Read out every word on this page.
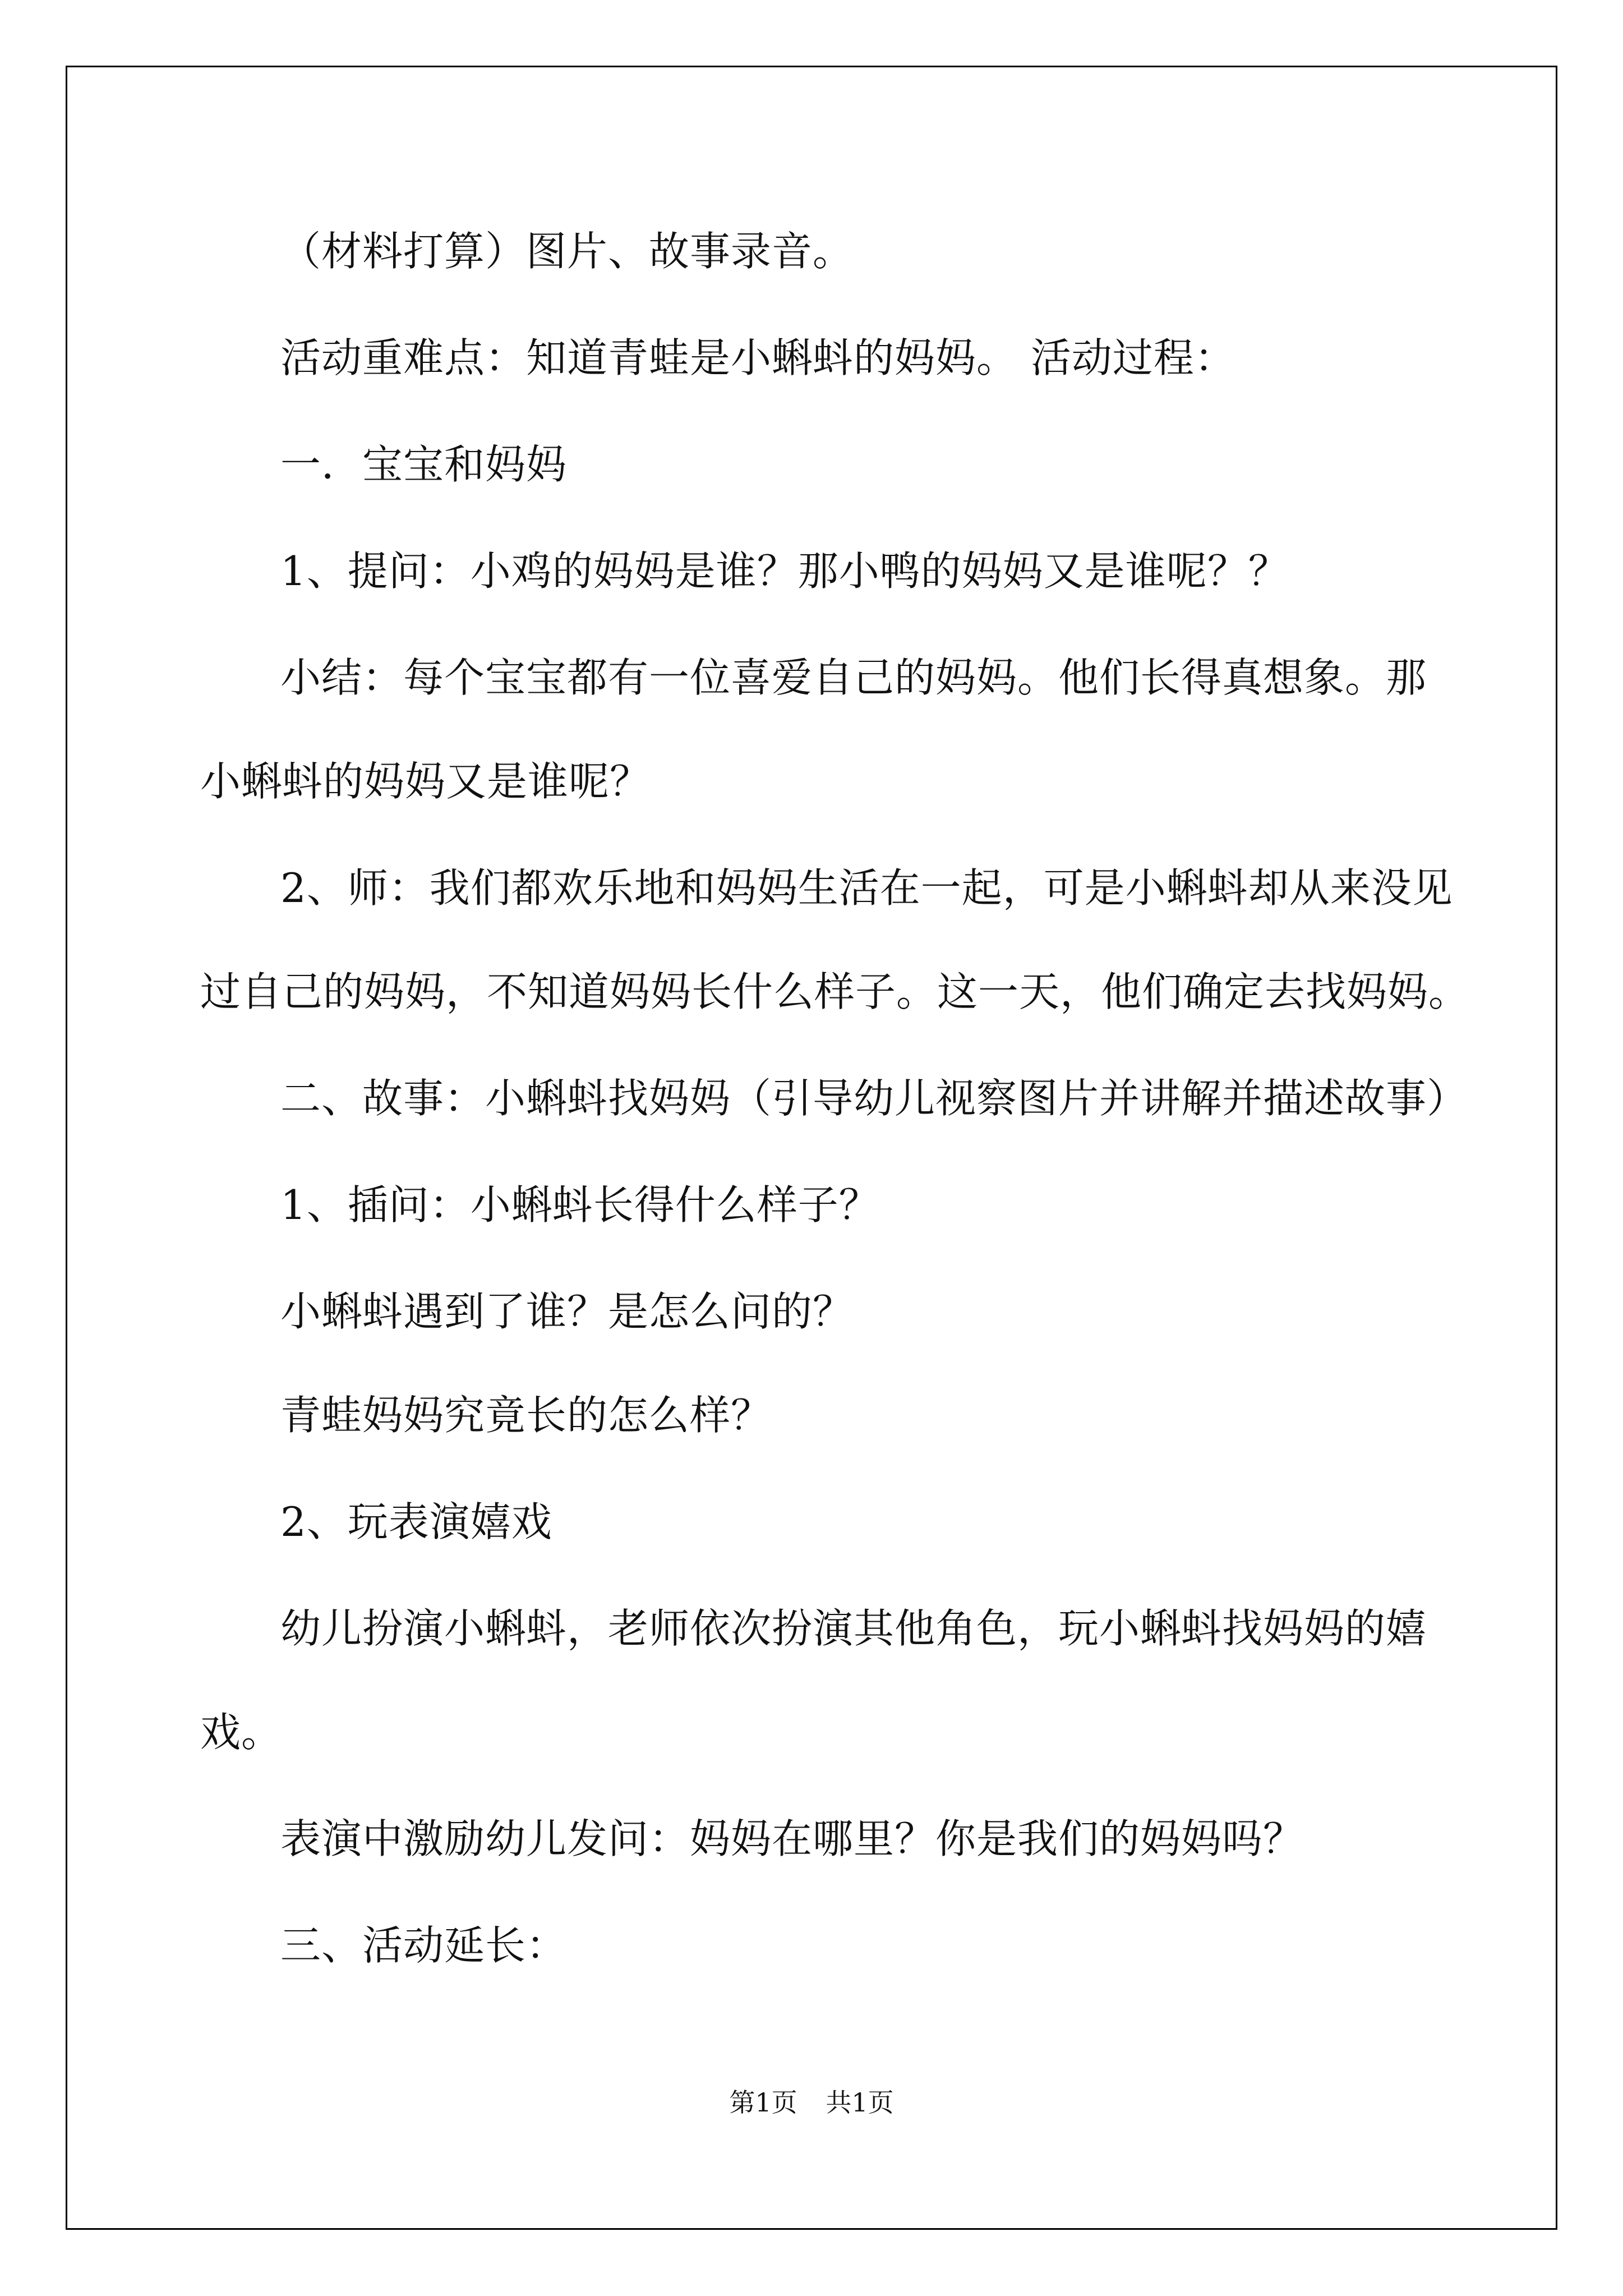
（材料打算）图片、故事录音。
活动重难点：知道青蛙是小蝌蚪的妈妈。 活动过程：
一．宝宝和妈妈
1、提问：小鸡的妈妈是谁？那小鸭的妈妈又是谁呢？？
小结：每个宝宝都有一位喜爱自己的妈妈。他们长得真想象。那
小蝌蚪的妈妈又是谁呢？
2、师：我们都欢乐地和妈妈生活在一起，可是小蝌蚪却从来没见
过自己的妈妈，不知道妈妈长什么样子。这一天，他们确定去找妈妈。
二、故事：小蝌蚪找妈妈（引导幼儿视察图片并讲解并描述故事）
1、插问：小蝌蚪长得什么样子？
小蝌蚪遇到了谁？是怎么问的？
青蛙妈妈究竟长的怎么样？
2、玩表演嬉戏
幼儿扮演小蝌蚪，老师依次扮演其他角色，玩小蝌蚪找妈妈的嬉
戏。
表演中激励幼儿发问：妈妈在哪里？你是我们的妈妈吗？
三、活动延长：
第1页 共1页
